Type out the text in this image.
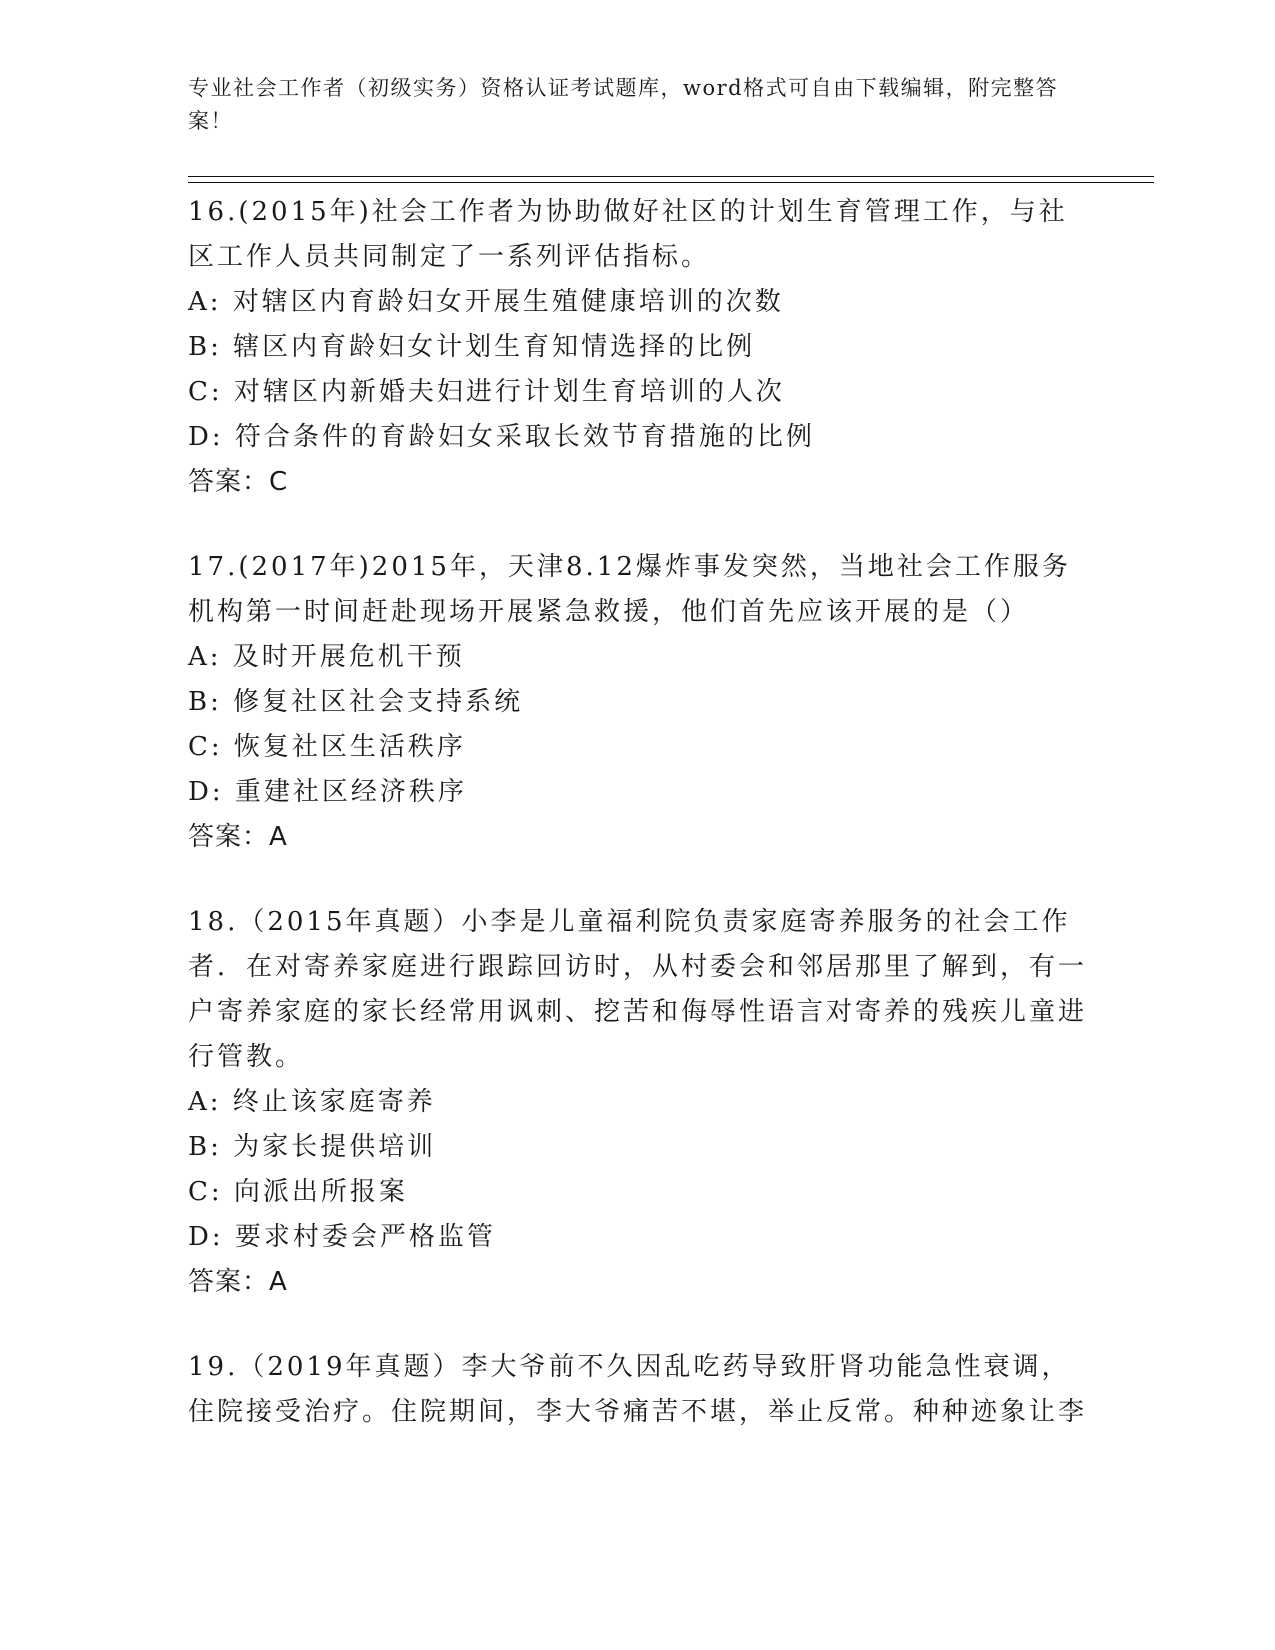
专业社会工作者（初级实务）资格认证考试题库，word格式可自由下载编辑，附完整答案！

16.(2015年)社会工作者为协助做好社区的计划生育管理工作，与社区工作人员共同制定了一系列评估指标。

A: 对辖区内育龄妇女开展生殖健康培训的次数
B: 辖区内育龄妇女计划生育知情选择的比例
C: 对辖区内新婚夫妇进行计划生育培训的人次
D: 符合条件的育龄妇女采取长效节育措施的比例

答案：C

17.(2017年)2015年，天津8.12爆炸事发突然，当地社会工作服务机构第一时间赶赴现场开展紧急救援，他们首先应该开展的是（）

A: 及时开展危机干预
B: 修复社区社会支持系统
C: 恢复社区生活秩序
D: 重建社区经济秩序

答案：A

18.（2015年真题）小李是儿童福利院负责家庭寄养服务的社会工作者．在对寄养家庭进行跟踪回访时，从村委会和邻居那里了解到，有一户寄养家庭的家长经常用讽刺、挖苦和侮辱性语言对寄养的残疾儿童进行管教。

A: 终止该家庭寄养
B: 为家长提供培训
C: 向派出所报案
D: 要求村委会严格监管

答案：A

19.（2019年真题）李大爷前不久因乱吃药导致肝肾功能急性衰调，住院接受治疗。住院期间，李大爷痛苦不堪，举止反常。种种迹象让李
